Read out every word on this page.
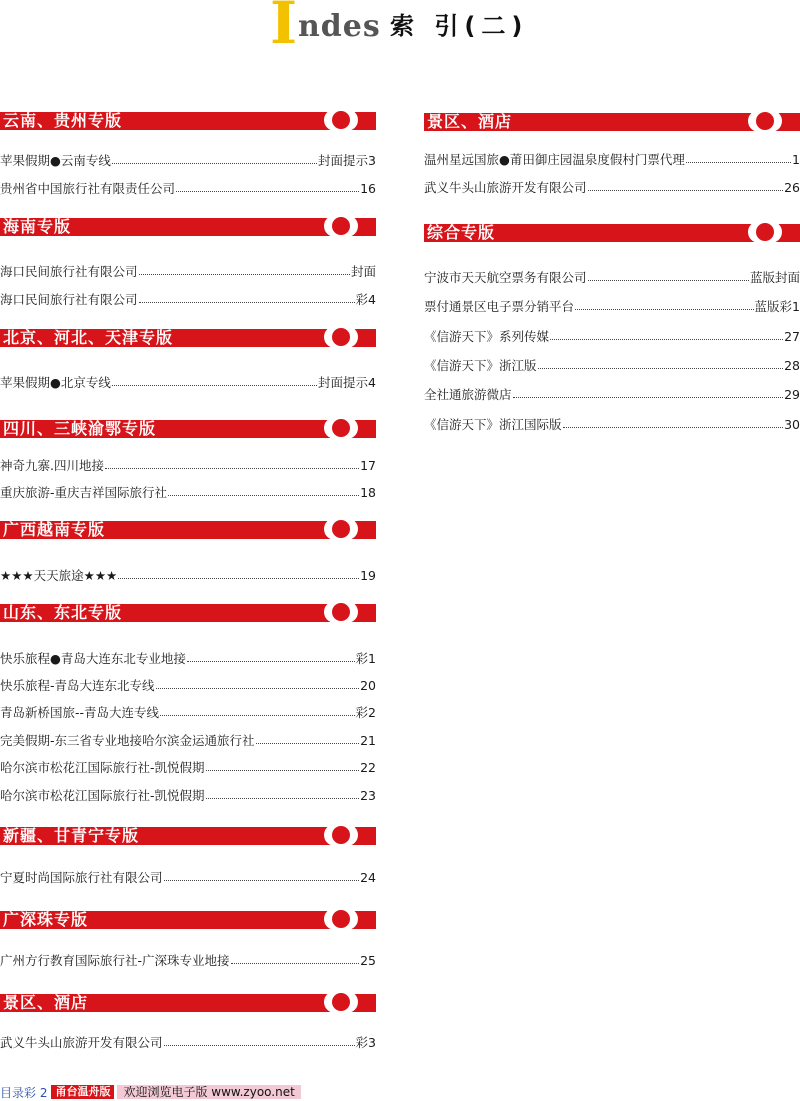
I ndes 索 引(二)
云南、贵州专版
苹果假期●云南专线	封面提示3
贵州省中国旅行社有限责任公司	16
海南专版
海口民间旅行社有限公司	封面
海口民间旅行社有限公司	彩4
北京、河北、天津专版
苹果假期●北京专线	封面提示4
四川、三峡渝鄂专版
神奇九寨.四川地接	17
重庆旅游-重庆吉祥国际旅行社	18
广西越南专版
★★★天天旅途★★★	19
山东、东北专版
快乐旅程●青岛大连东北专业地接	彩1
快乐旅程-青岛大连东北专线	20
青岛新桥国旅--青岛大连专线	彩2
完美假期-东三省专业地接哈尔滨金运通旅行社	21
哈尔滨市松花江国际旅行社-凯悦假期	22
哈尔滨市松花江国际旅行社-凯悦假期	23
新疆、甘青宁专版
宁夏时尚国际旅行社有限公司	24
广深珠专版
广州方行教育国际旅行社-广深珠专业地接	25
景区、酒店
武义牛头山旅游开发有限公司	彩3
景区、酒店
温州星远国旅●莆田御庄园温泉度假村门票代理	1
武义牛头山旅游开发有限公司	26
综合专版
宁波市天天航空票务有限公司	蓝版封面
票付通景区电子票分销平台	蓝版彩1
《信游天下》系列传媒	27
《信游天下》浙江版	28
全社通旅游微店	29
《信游天下》浙江国际版	30
目录彩 2 甬台温舟版	欢迎浏览电子版 www.zyoo.net
